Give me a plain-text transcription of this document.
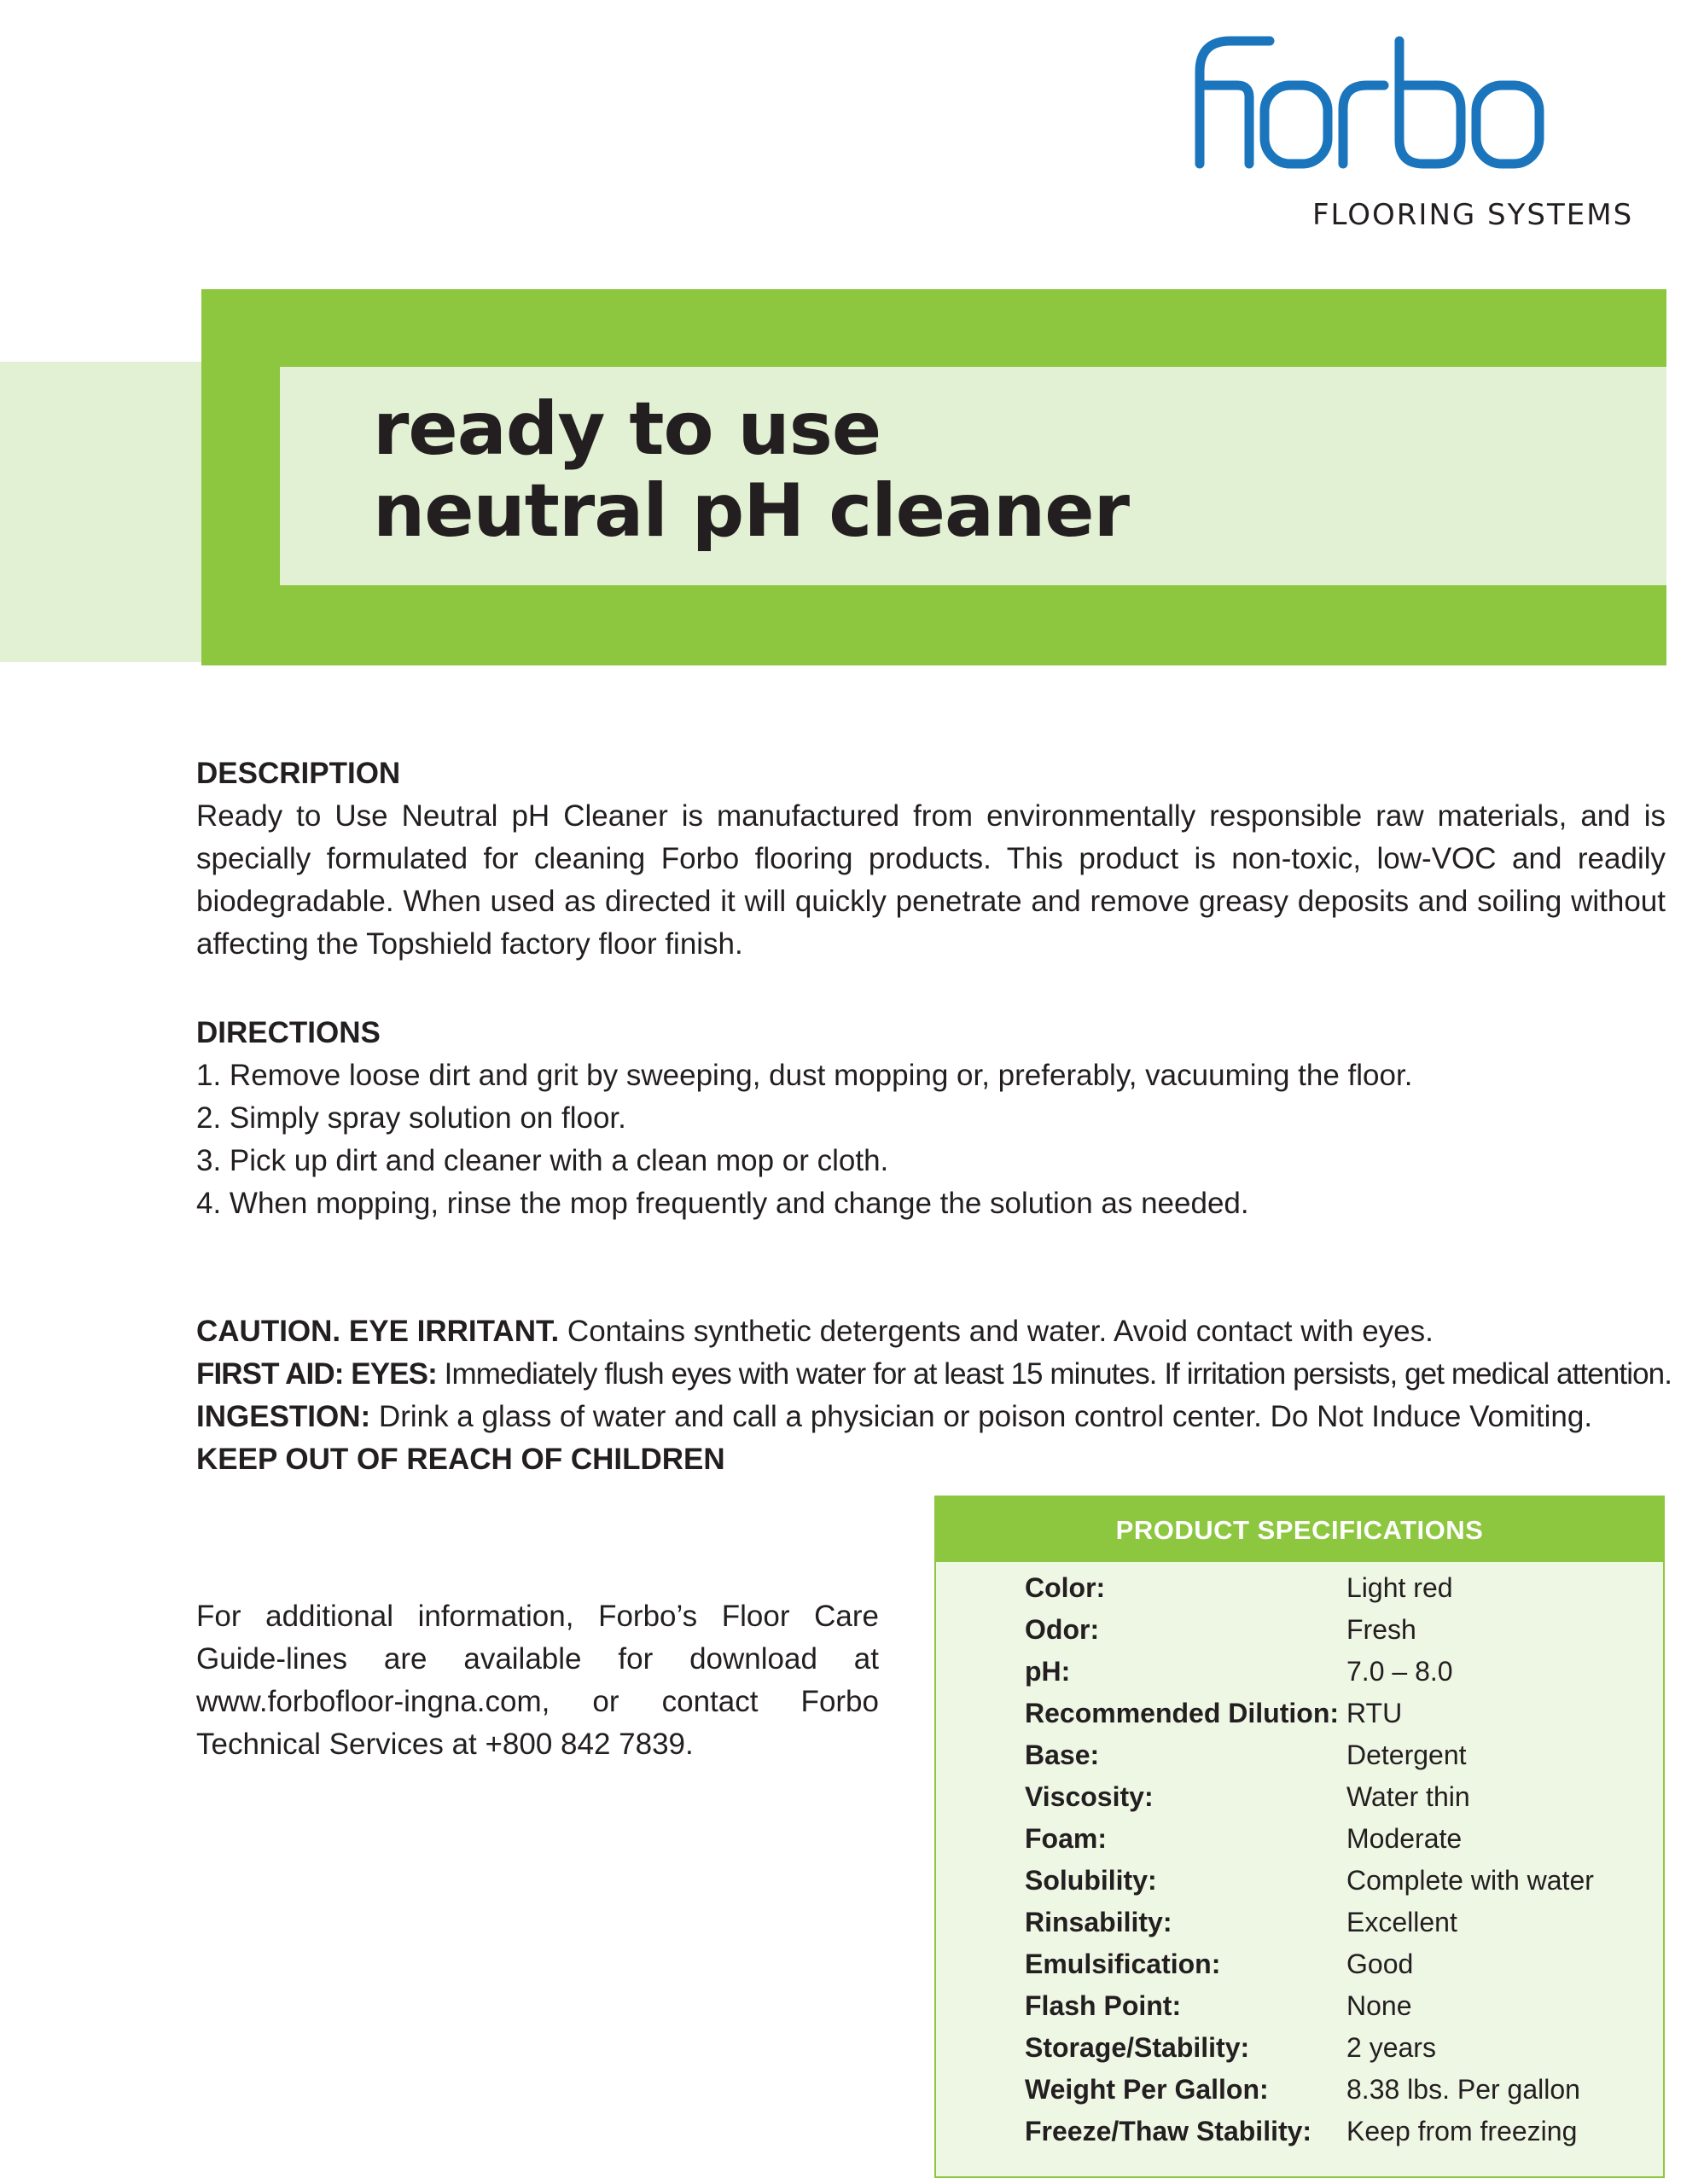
FLOORING SYSTEMS
ready to use
neutral pH cleaner
DESCRIPTION

Ready to Use Neutral pH Cleaner is manufactured from environmentally responsible raw materials, and is specially formulated for cleaning Forbo flooring products. This product is non-toxic, low-VOC and readily biodegradable. When used as directed it will quickly penetrate and remove greasy deposits and soiling without affecting the Topshield factory floor finish.

DIRECTIONS
1. Remove loose dirt and grit by sweeping, dust mopping or, preferably, vacuuming the floor.
2. Simply spray solution on floor.
3. Pick up dirt and cleaner with a clean mop or cloth.
4. When mopping, rinse the mop frequently and change the solution as needed.
CAUTION. EYE IRRITANT. Contains synthetic detergents and water. Avoid contact with eyes.
FIRST AID: EYES: Immediately flush eyes with water for at least 15 minutes. If irritation persists, get medical attention.
INGESTION: Drink a glass of water and call a physician or poison control center. Do Not Induce Vomiting.
KEEP OUT OF REACH OF CHILDREN
For additional information, Forbo’s Floor Care Guide-lines are available for download at www.forbofloor-ingna.com, or contact Forbo Technical Services at +800 842 7839.
PRODUCT SPECIFICATIONS
Color:	Light red
Odor:	Fresh
pH:	7.0 – 8.0
Recommended Dilution: RTU
Base:	Detergent
Viscosity:	Water thin
Foam:	Moderate
Solubility:	Complete with water
Rinsability:	Excellent
Emulsification:	Good
Flash Point:	None
Storage/Stability:	2 years
Weight Per Gallon:	8.38 lbs. Per gallon
Freeze/Thaw Stability: Keep from freezing
